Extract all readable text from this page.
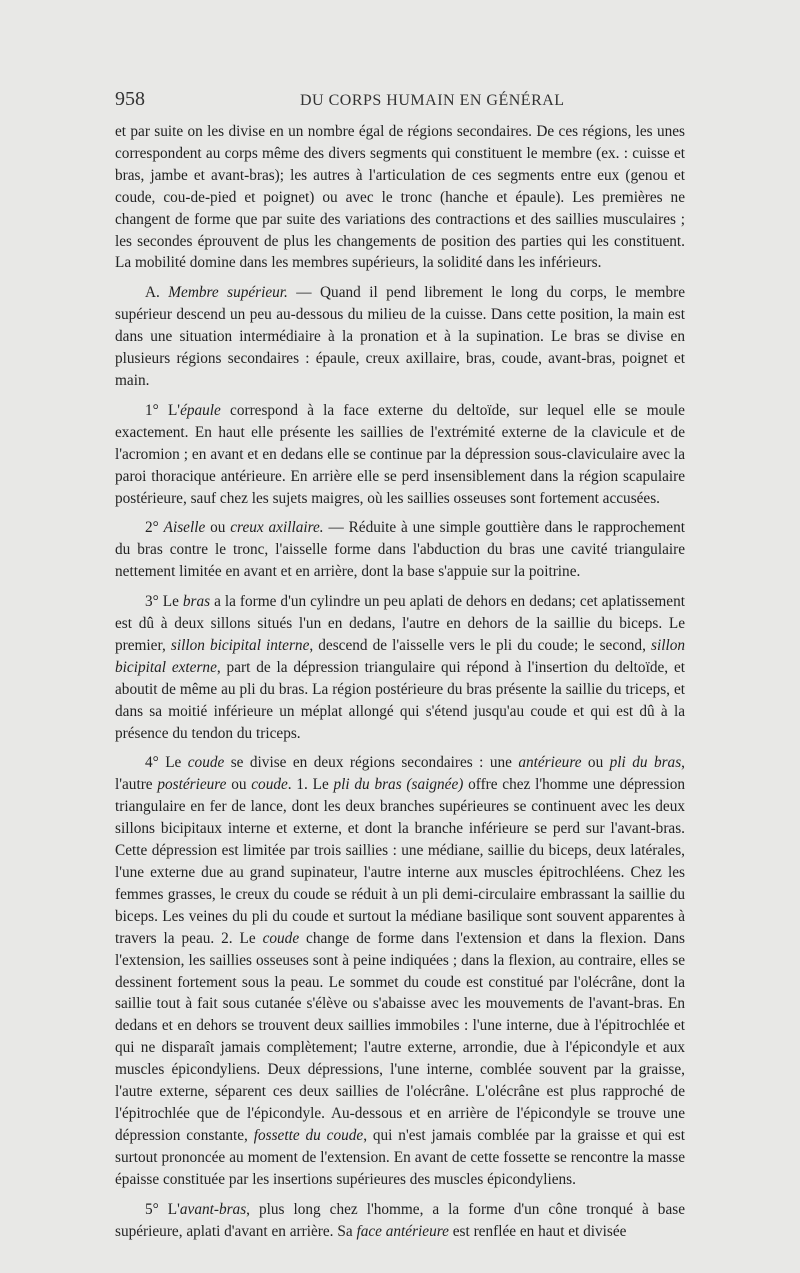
958	DU CORPS HUMAIN EN GÉNÉRAL

et par suite on les divise en un nombre égal de régions secondaires. De ces régions, les unes correspondent au corps même des divers segments qui constituent le membre (ex. : cuisse et bras, jambe et avant-bras); les autres à l'articulation de ces segments entre eux (genou et coude, cou-de-pied et poignet) ou avec le tronc (hanche et épaule). Les premières ne changent de forme que par suite des variations des contractions et des saillies musculaires ; les secondes éprouvent de plus les changements de position des parties qui les constituent. La mobilité domine dans les membres supérieurs, la solidité dans les inférieurs.

A. Membre supérieur. — Quand il pend librement le long du corps, le membre supérieur descend un peu au-dessous du milieu de la cuisse. Dans cette position, la main est dans une situation intermédiaire à la pronation et à la supination. Le bras se divise en plusieurs régions secondaires : épaule, creux axillaire, bras, coude, avant-bras, poignet et main.

1° L'épaule correspond à la face externe du deltoïde, sur lequel elle se moule exactement. En haut elle présente les saillies de l'extrémité externe de la clavicule et de l'acromion ; en avant et en dedans elle se continue par la dépression sous-claviculaire avec la paroi thoracique antérieure. En arrière elle se perd insensiblement dans la région scapulaire postérieure, sauf chez les sujets maigres, où les saillies osseuses sont fortement accusées.

2° Aiselle ou creux axillaire. — Réduite à une simple gouttière dans le rapprochement du bras contre le tronc, l'aisselle forme dans l'abduction du bras une cavité triangulaire nettement limitée en avant et en arrière, dont la base s'appuie sur la poitrine.

3° Le bras a la forme d'un cylindre un peu aplati de dehors en dedans; cet aplatissement est dû à deux sillons situés l'un en dedans, l'autre en dehors de la saillie du biceps. Le premier, sillon bicipital interne, descend de l'aisselle vers le pli du coude; le second, sillon bicipital externe, part de la dépression triangulaire qui répond à l'insertion du deltoïde, et aboutit de même au pli du bras. La région postérieure du bras présente la saillie du triceps, et dans sa moitié inférieure un méplat allongé qui s'étend jusqu'au coude et qui est dû à la présence du tendon du triceps.

4° Le coude se divise en deux régions secondaires : une antérieure ou pli du bras, l'autre postérieure ou coude. 1. Le pli du bras (saignée) offre chez l'homme une dépression triangulaire en fer de lance, dont les deux branches supérieures se continuent avec les deux sillons bicipitaux interne et externe, et dont la branche inférieure se perd sur l'avant-bras. Cette dépression est limitée par trois saillies : une médiane, saillie du biceps, deux latérales, l'une externe due au grand supinateur, l'autre interne aux muscles épitrochléens. Chez les femmes grasses, le creux du coude se réduit à un pli demi-circulaire embrassant la saillie du biceps. Les veines du pli du coude et surtout la médiane basilique sont souvent apparentes à travers la peau. 2. Le coude change de forme dans l'extension et dans la flexion. Dans l'extension, les saillies osseuses sont à peine indiquées ; dans la flexion, au contraire, elles se dessinent fortement sous la peau. Le sommet du coude est constitué par l'olécrâne, dont la saillie tout à fait sous cutanée s'élève ou s'abaisse avec les mouvements de l'avant-bras. En dedans et en dehors se trouvent deux saillies immobiles : l'une interne, due à l'épitrochlée et qui ne disparaît jamais complètement; l'autre externe, arrondie, due à l'épicondyle et aux muscles épicondyliens. Deux dépressions, l'une interne, comblée souvent par la graisse, l'autre externe, séparent ces deux saillies de l'olécrâne. L'olécrâne est plus rapproché de l'épitrochlée que de l'épicondyle. Au-dessous et en arrière de l'épicondyle se trouve une dépression constante, fossette du coude, qui n'est jamais comblée par la graisse et qui est surtout prononcée au moment de l'extension. En avant de cette fossette se rencontre la masse épaisse constituée par les insertions supérieures des muscles épicondyliens.

5° L'avant-bras, plus long chez l'homme, a la forme d'un cône tronqué à base supérieure, aplati d'avant en arrière. Sa face antérieure est renflée en haut et divisée
